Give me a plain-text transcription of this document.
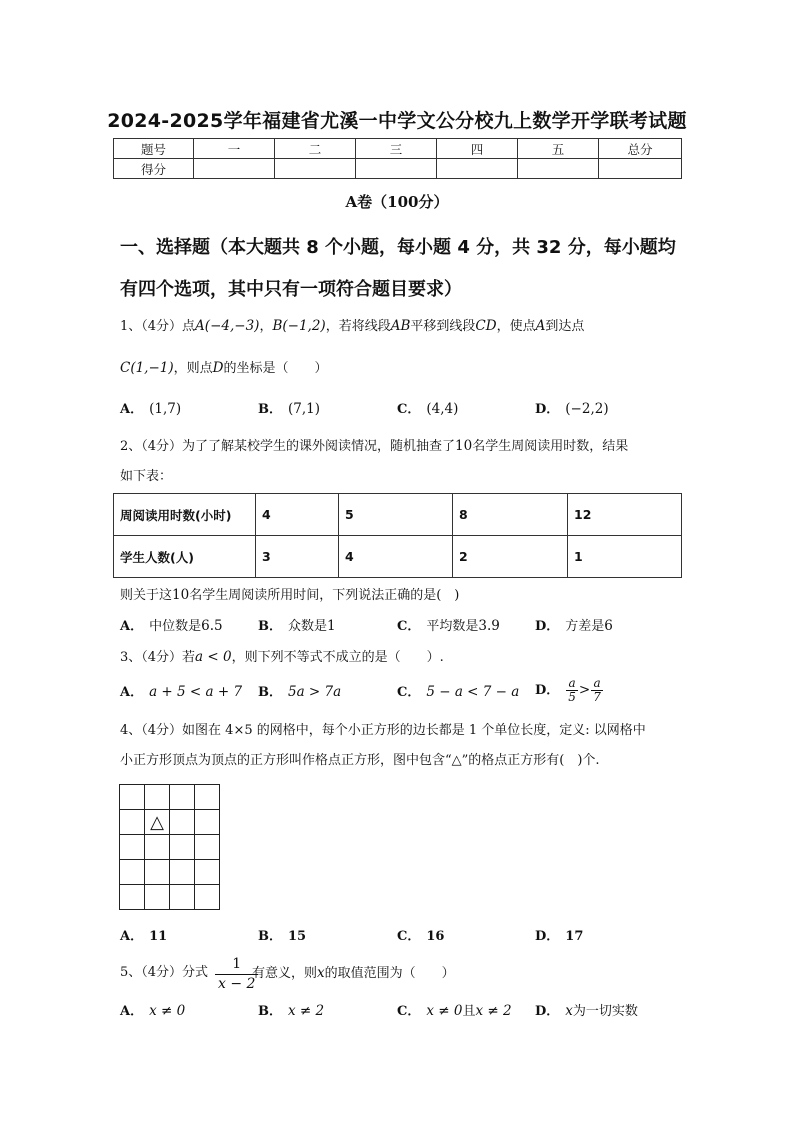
2024-2025学年福建省尤溪一中学文公分校九上数学开学联考试题
题号	一	二	三	四	五	总分
得分						
A卷（100分）
一、选择题（本大题共 8 个小题，每小题 4 分，共 32 分，每小题均
有四个选项，其中只有一项符合题目要求）
1、（4分）点A(−4,−3)，B(−1,2)，若将线段AB平移到线段CD，使点A到达点
C(1,−1)，则点D的坐标是（　　）
A． (1,7)	B． (7,1)	C． (4,4)	D． (−2,2)
2、（4分）为了了解某校学生的课外阅读情况，随机抽查了10名学生周阅读用时数，结果
如下表：
周阅读用时数(小时)	4	5	8	12
学生人数(人)	3	4	2	1
则关于这10名学生周阅读所用时间，下列说法正确的是(　)
A． 中位数是6.5	B． 众数是1	C． 平均数是3.9	D． 方差是6
3、（4分）若a < 0，则下列不等式不成立的是（　　）.
A． a + 5 < a + 7 B． 5a > 7a	C． 5 − a < 7 − a D． $\frac{a}{5} > \frac{a}{7}$
4、（4分）如图在 4×5 的网格中，每个小正方形的边长都是 1 个单位长度，定义: 以网格中
小正方形顶点为顶点的正方形叫作格点正方形，图中包含“△”的格点正方形有(　)个.
△
A． 11	B． 15	C． 16	D． 17
5、（4分）分式 $\frac{1}{x - 2}$
有意义，则x的取值范围为（　　）
A． x ≠ 0	B． x ≠ 2	C． x ≠ 0且x ≠ 2 D． x为一切实数
